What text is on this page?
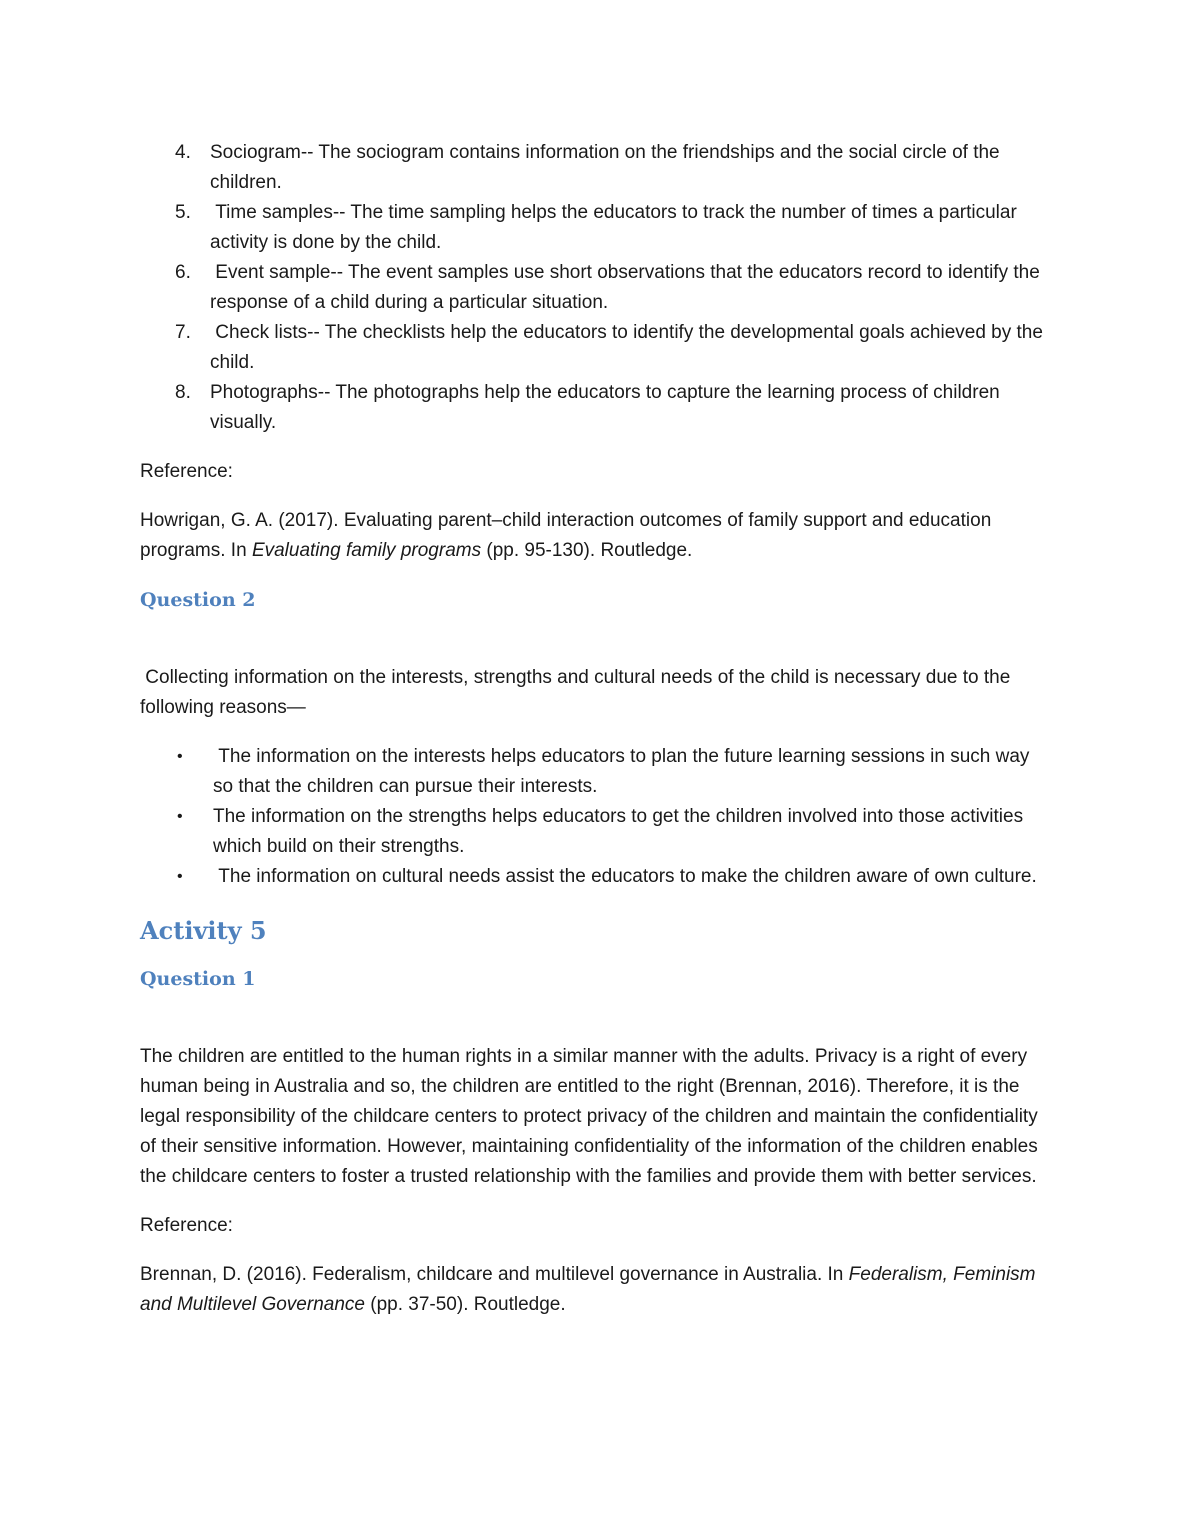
4. Sociogram-- The sociogram contains information on the friendships and the social circle of the children.
5. Time samples-- The time sampling helps the educators to track the number of times a particular activity is done by the child.
6. Event sample-- The event samples use short observations that the educators record to identify the response of a child during a particular situation.
7. Check lists-- The checklists help the educators to identify the developmental goals achieved by the child.
8. Photographs-- The photographs help the educators to capture the learning process of children visually.

Reference:

Howrigan, G. A. (2017). Evaluating parent–child interaction outcomes of family support and education programs. In Evaluating family programs (pp. 95-130). Routledge.

Question 2

Collecting information on the interests, strengths and cultural needs of the child is necessary due to the following reasons—

• The information on the interests helps educators to plan the future learning sessions in such way so that the children can pursue their interests.
• The information on the strengths helps educators to get the children involved into those activities which build on their strengths.
• The information on cultural needs assist the educators to make the children aware of own culture.
Activity 5
Question 1

The children are entitled to the human rights in a similar manner with the adults. Privacy is a right of every human being in Australia and so, the children are entitled to the right (Brennan, 2016). Therefore, it is the legal responsibility of the childcare centers to protect privacy of the children and maintain the confidentiality of their sensitive information. However, maintaining confidentiality of the information of the children enables the childcare centers to foster a trusted relationship with the families and provide them with better services.

Reference:

Brennan, D. (2016). Federalism, childcare and multilevel governance in Australia. In Federalism, Feminism and Multilevel Governance (pp. 37-50). Routledge.
